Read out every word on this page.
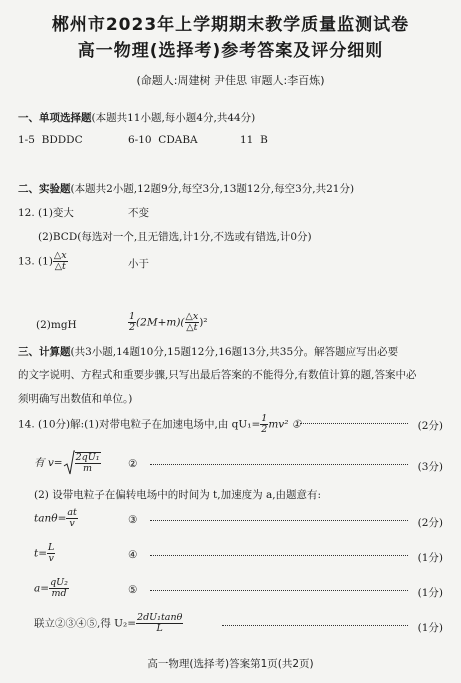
郴州市2023年上学期期末教学质量监测试卷
高一物理(选择考)参考答案及评分细则
(命题人:周建树 尹佳思 审题人:李百炼)
一、单项选择题(本题共11小题,每小题4分,共44分)
1-5 BDDDC	6-10 CDABA	11 B
二、实验题(本题共2小题,12题9分,每空3分,13题12分,每空3分,共21分)
12. (1)变大	不变
(2)BCD(每选对一个,且无错选,计1分,不选或有错选,计0分)
13. $(1) \frac{\triangle x}{\triangle t}$	小于
(2)mgH	$\frac{1}{2} (2M+m)( \frac{\triangle x}{\triangle t} )^2$
三、计算题(共3小题,14题10分,15题12分,16题13分,共35分。解答题应写出必要
的文字说明、方程式和重要步骤,只写出最后答案的不能得分,有数值计算的题,答案中必
须明确写出数值和单位。)
14. (10分)解:(1)对带电粒子在加速电场中,由 $qU_1= \frac{1}{2} mv^2$ ①	(2分)
有 $v= \frac{\text{2qU₁}}{m}$	②	(3分)
(2) 设带电粒子在偏转电场中的时间为 t,加速度为 a,由题意有:
$\tan\theta= \frac{at}{v}$	③	(2分)
$t= \frac{L}{v}$	④	(1分)
$a= \frac{\text{qU₂}}{md}$	⑤	(1分)
联立②③④⑤,得 $U_2= \frac{\text{2dU₁tanθ}}{L}$	(1分)
高一物理(选择考)答案第1页(共2页)
